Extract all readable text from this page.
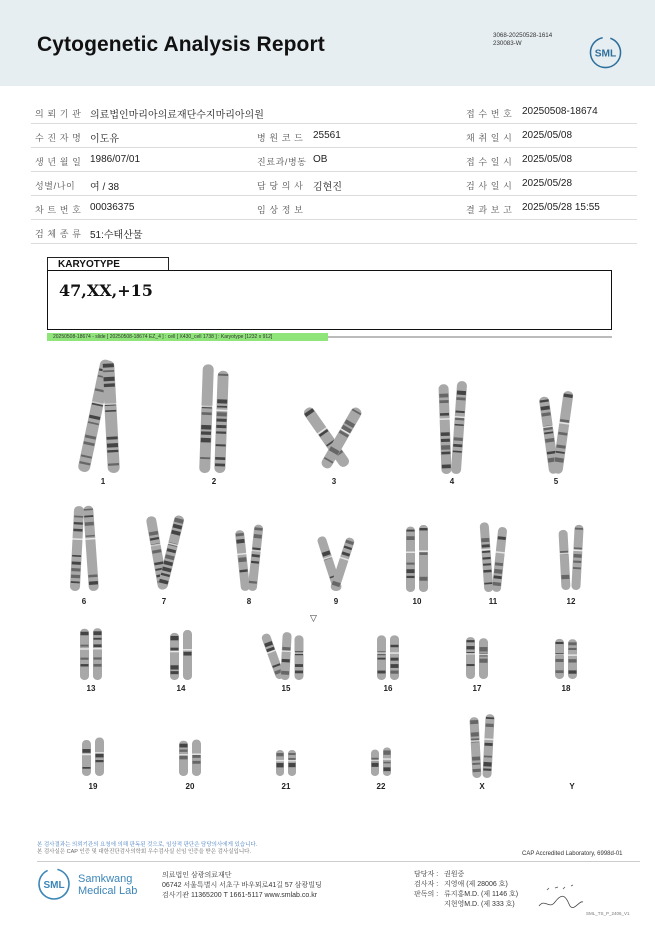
Cytogenetic Analysis Report	3068-20250528-1614
230083-W
SML
의 뢰 기 관 의료법인마리아의료재단수지마리아의원	접 수 번 호 20250508-18674
수 진 자 명 이도유	병 원 코 드 25561	채 취 일 시 2025/05/08
생 년 월 일 1986/07/01	진료과/병동 OB	접 수 일 시 2025/05/08
성별/나이 여 / 38	담 당 의 사 김현진	검 사 일 시 2025/05/28
차 트 번 호 00036375	임 상 정 보	결 과 보 고 2025/05/28 15:55
검 체 종 류 51:수태산물
KARYOTYPE
47,XX,+15
20250508-18674 - slide [ 20250508-18674 EZ_4 ] : cell [ X430_cell 1738 ] : Karyotype [1232 x 912]
1	2	3	4	5
6	7	8	9	10	11	12
13	14	15	16	17	18
19	20	21	22	X	Y
▽
본 검사결과는 의뢰기관의 요청에 의해 판독된 것으로, 임상적 판단은 담당의사에게 있습니다.
본 검사실은 CAP 인증 및 대한진단검사의학회 우수검사실 신임 인증을 받은 검사실입니다.	CAP Accredited Laboratory, 6998d-01
SML
Samkwang
Medical Lab
의료법인 삼광의료재단
06742 서울특별시 서초구 바우뫼로41길 57 삼광빌딩
검사기관 11365200 T 1661-5117 www.smlab.co.kr
담당자 : 권원중
검사자 : 지영애 (제 28006 호)
판독의 : 류지홍M.D. (제 1146 호)
지현영M.D. (제 333 호)
SML_TS_P_2406_V1
